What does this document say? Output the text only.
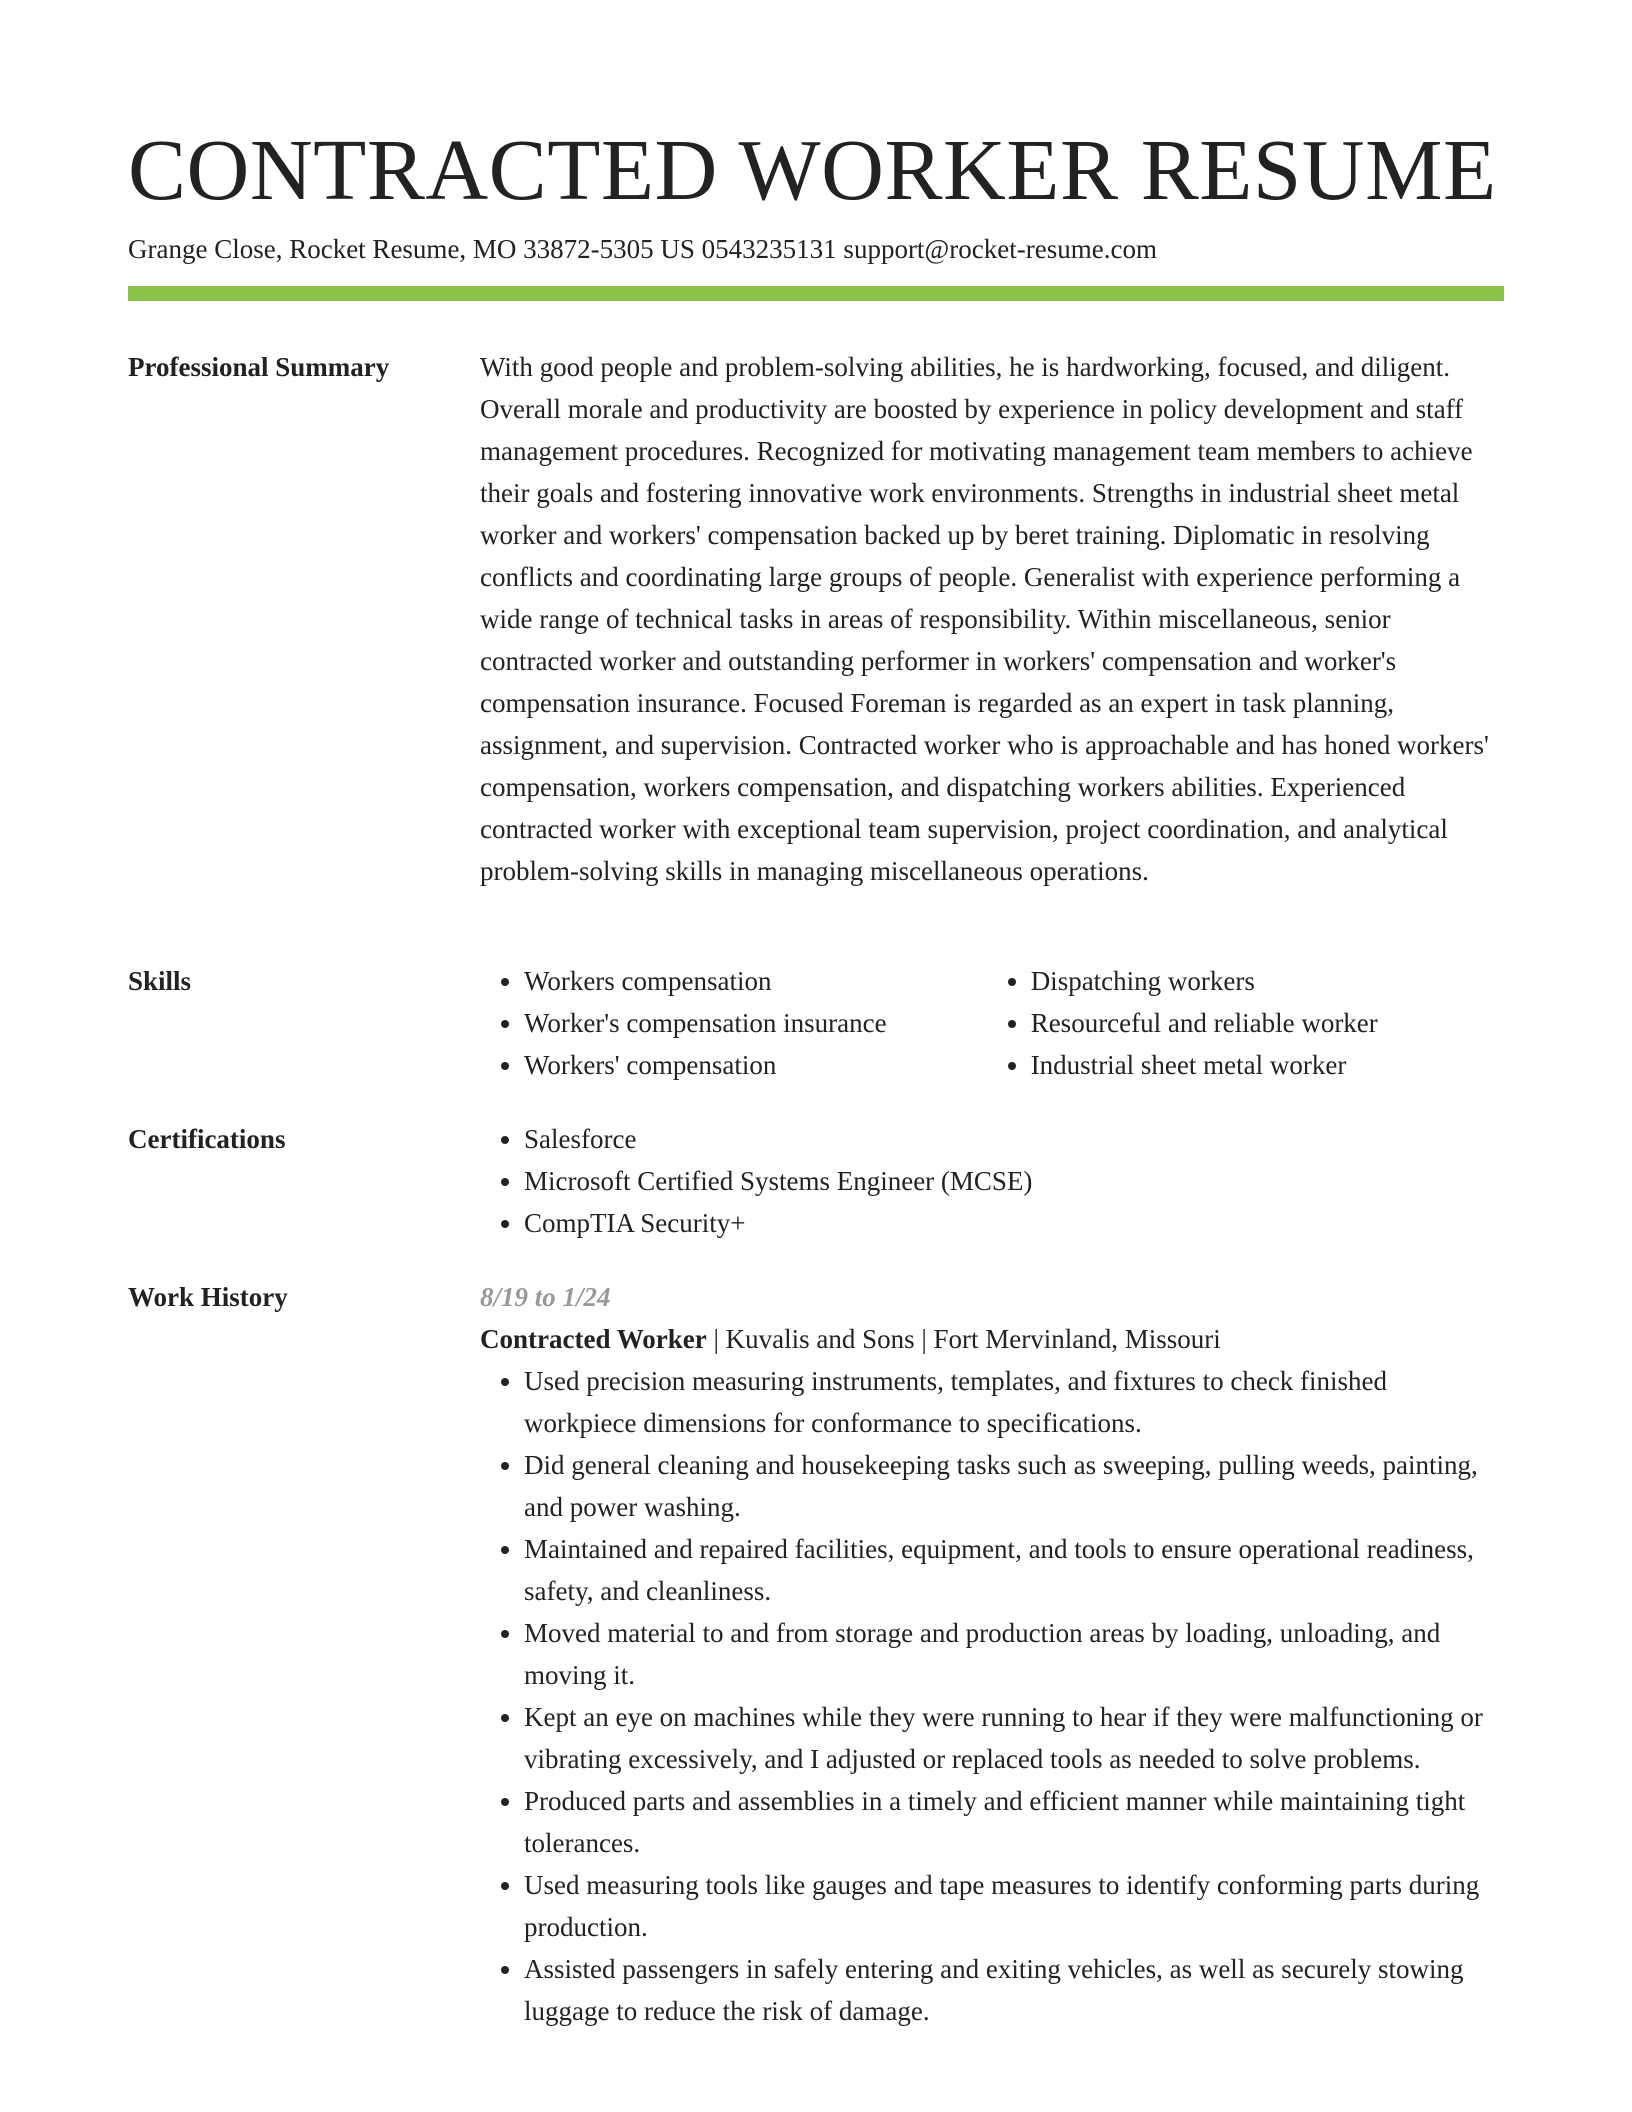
CONTRACTED WORKER RESUME
Grange Close, Rocket Resume, MO 33872-5305 US 0543235131 support@rocket-resume.com
Professional Summary	With good people and problem-solving abilities, he is hardworking, focused, and diligent. Overall morale and productivity are boosted by experience in policy development and staff management procedures. Recognized for motivating management team members to achieve their goals and fostering innovative work environments. Strengths in industrial sheet metal worker and workers' compensation backed up by beret training. Diplomatic in resolving conflicts and coordinating large groups of people. Generalist with experience performing a wide range of technical tasks in areas of responsibility. Within miscellaneous, senior contracted worker and outstanding performer in workers' compensation and worker's compensation insurance. Focused Foreman is regarded as an expert in task planning, assignment, and supervision. Contracted worker who is approachable and has honed workers' compensation, workers compensation, and dispatching workers abilities. Experienced contracted worker with exceptional team supervision, project coordination, and analytical problem-solving skills in managing miscellaneous operations.

Skills	• Workers compensation
• Worker's compensation insurance
• Workers' compensation
• Dispatching workers
• Resourceful and reliable worker
• Industrial sheet metal worker
Certifications	• Salesforce
• Microsoft Certified Systems Engineer (MCSE)
• CompTIA Security+
Work History	8/19 to 1/24
Contracted Worker | Kuvalis and Sons | Fort Mervinland, Missouri
• Used precision measuring instruments, templates, and fixtures to check finished workpiece dimensions for conformance to specifications.
• Did general cleaning and housekeeping tasks such as sweeping, pulling weeds, painting, and power washing.
• Maintained and repaired facilities, equipment, and tools to ensure operational readiness, safety, and cleanliness.
• Moved material to and from storage and production areas by loading, unloading, and moving it.
• Kept an eye on machines while they were running to hear if they were malfunctioning or vibrating excessively, and I adjusted or replaced tools as needed to solve problems.
• Produced parts and assemblies in a timely and efficient manner while maintaining tight tolerances.
• Used measuring tools like gauges and tape measures to identify conforming parts during production.
• Assisted passengers in safely entering and exiting vehicles, as well as securely stowing luggage to reduce the risk of damage.
